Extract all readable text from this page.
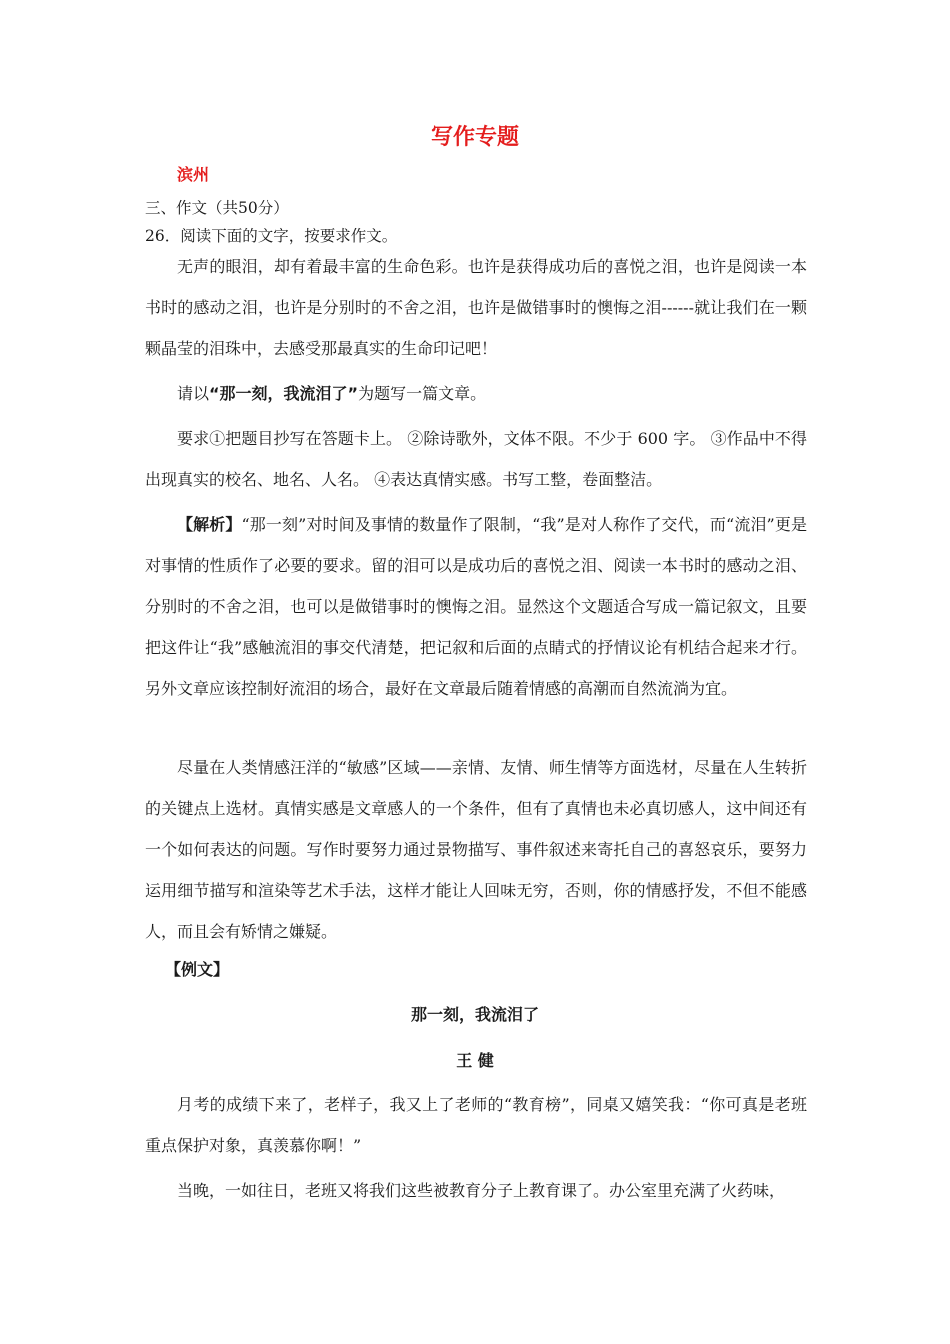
写作专题

滨州

三、作文（共50分）

26．阅读下面的文字，按要求作文。

无声的眼泪，却有着最丰富的生命色彩。也许是获得成功后的喜悦之泪，也许是阅读一本书时的感动之泪，也许是分别时的不舍之泪，也许是做错事时的懊悔之泪------就让我们在一颗颗晶莹的泪珠中，去感受那最真实的生命印记吧！

请以“那一刻，我流泪了”为题写一篇文章。

要求①把题目抄写在答题卡上。 ②除诗歌外，文体不限。不少于 600 字。 ③作品中不得出现真实的校名、地名、人名。 ④表达真情实感。书写工整，卷面整洁。

【解析】“那一刻”对时间及事情的数量作了限制，“我”是对人称作了交代，而“流泪”更是对事情的性质作了必要的要求。留的泪可以是成功后的喜悦之泪、阅读一本书时的感动之泪、分别时的不舍之泪，也可以是做错事时的懊悔之泪。显然这个文题适合写成一篇记叙文，且要把这件让“我”感触流泪的事交代清楚，把记叙和后面的点睛式的抒情议论有机结合起来才行。另外文章应该控制好流泪的场合，最好在文章最后随着情感的高潮而自然流淌为宜。

尽量在人类情感汪洋的“敏感”区域——亲情、友情、师生情等方面选材，尽量在人生转折的关键点上选材。真情实感是文章感人的一个条件，但有了真情也未必真切感人，这中间还有一个如何表达的问题。写作时要努力通过景物描写、事件叙述来寄托自己的喜怒哀乐，要努力运用细节描写和渲染等艺术手法，这样才能让人回味无穷，否则，你的情感抒发，不但不能感人，而且会有矫情之嫌疑。

【例文】

那一刻，我流泪了

王 健

月考的成绩下来了，老样子，我又上了老师的“教育榜”，同桌又嬉笑我：“你可真是老班重点保护对象，真羡慕你啊！”

当晚，一如往日，老班又将我们这些被教育分子上教育课了。办公室里充满了火药味，
